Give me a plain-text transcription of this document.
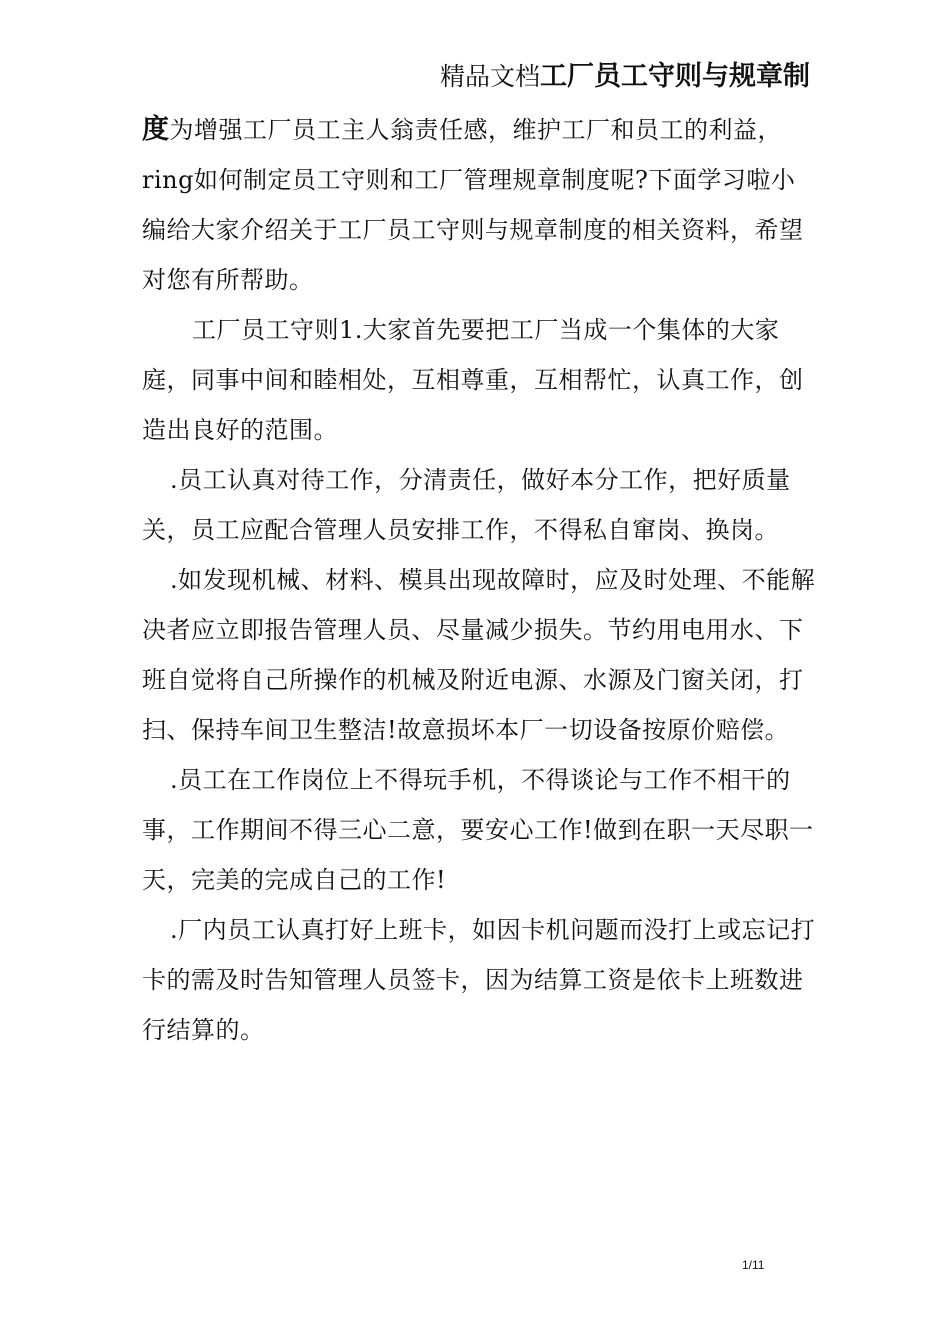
精品文档工厂员工守则与规章制

度为增强工厂员工主人翁责任感，维护工厂和员工的利益，ring如何制定员工守则和工厂管理规章制度呢?下面学习啦小编给大家介绍关于工厂员工守则与规章制度的相关资料，希望对您有所帮助。

工厂员工守则1.大家首先要把工厂当成一个集体的大家庭，同事中间和睦相处，互相尊重，互相帮忙，认真工作，创造出良好的范围。

.员工认真对待工作，分清责任，做好本分工作，把好质量关，员工应配合管理人员安排工作，不得私自窜岗、换岗。

.如发现机械、材料、模具出现故障时，应及时处理、不能解决者应立即报告管理人员、尽量减少损失。节约用电用水、下班自觉将自己所操作的机械及附近电源、水源及门窗关闭，打扫、保持车间卫生整洁!故意损坏本厂一切设备按原价赔偿。

.员工在工作岗位上不得玩手机，不得谈论与工作不相干的事，工作期间不得三心二意，要安心工作!做到在职一天尽职一天，完美的完成自己的工作!

.厂内员工认真打好上班卡，如因卡机问题而没打上或忘记打卡的需及时告知管理人员签卡，因为结算工资是依卡上班数进行结算的。

1/11
